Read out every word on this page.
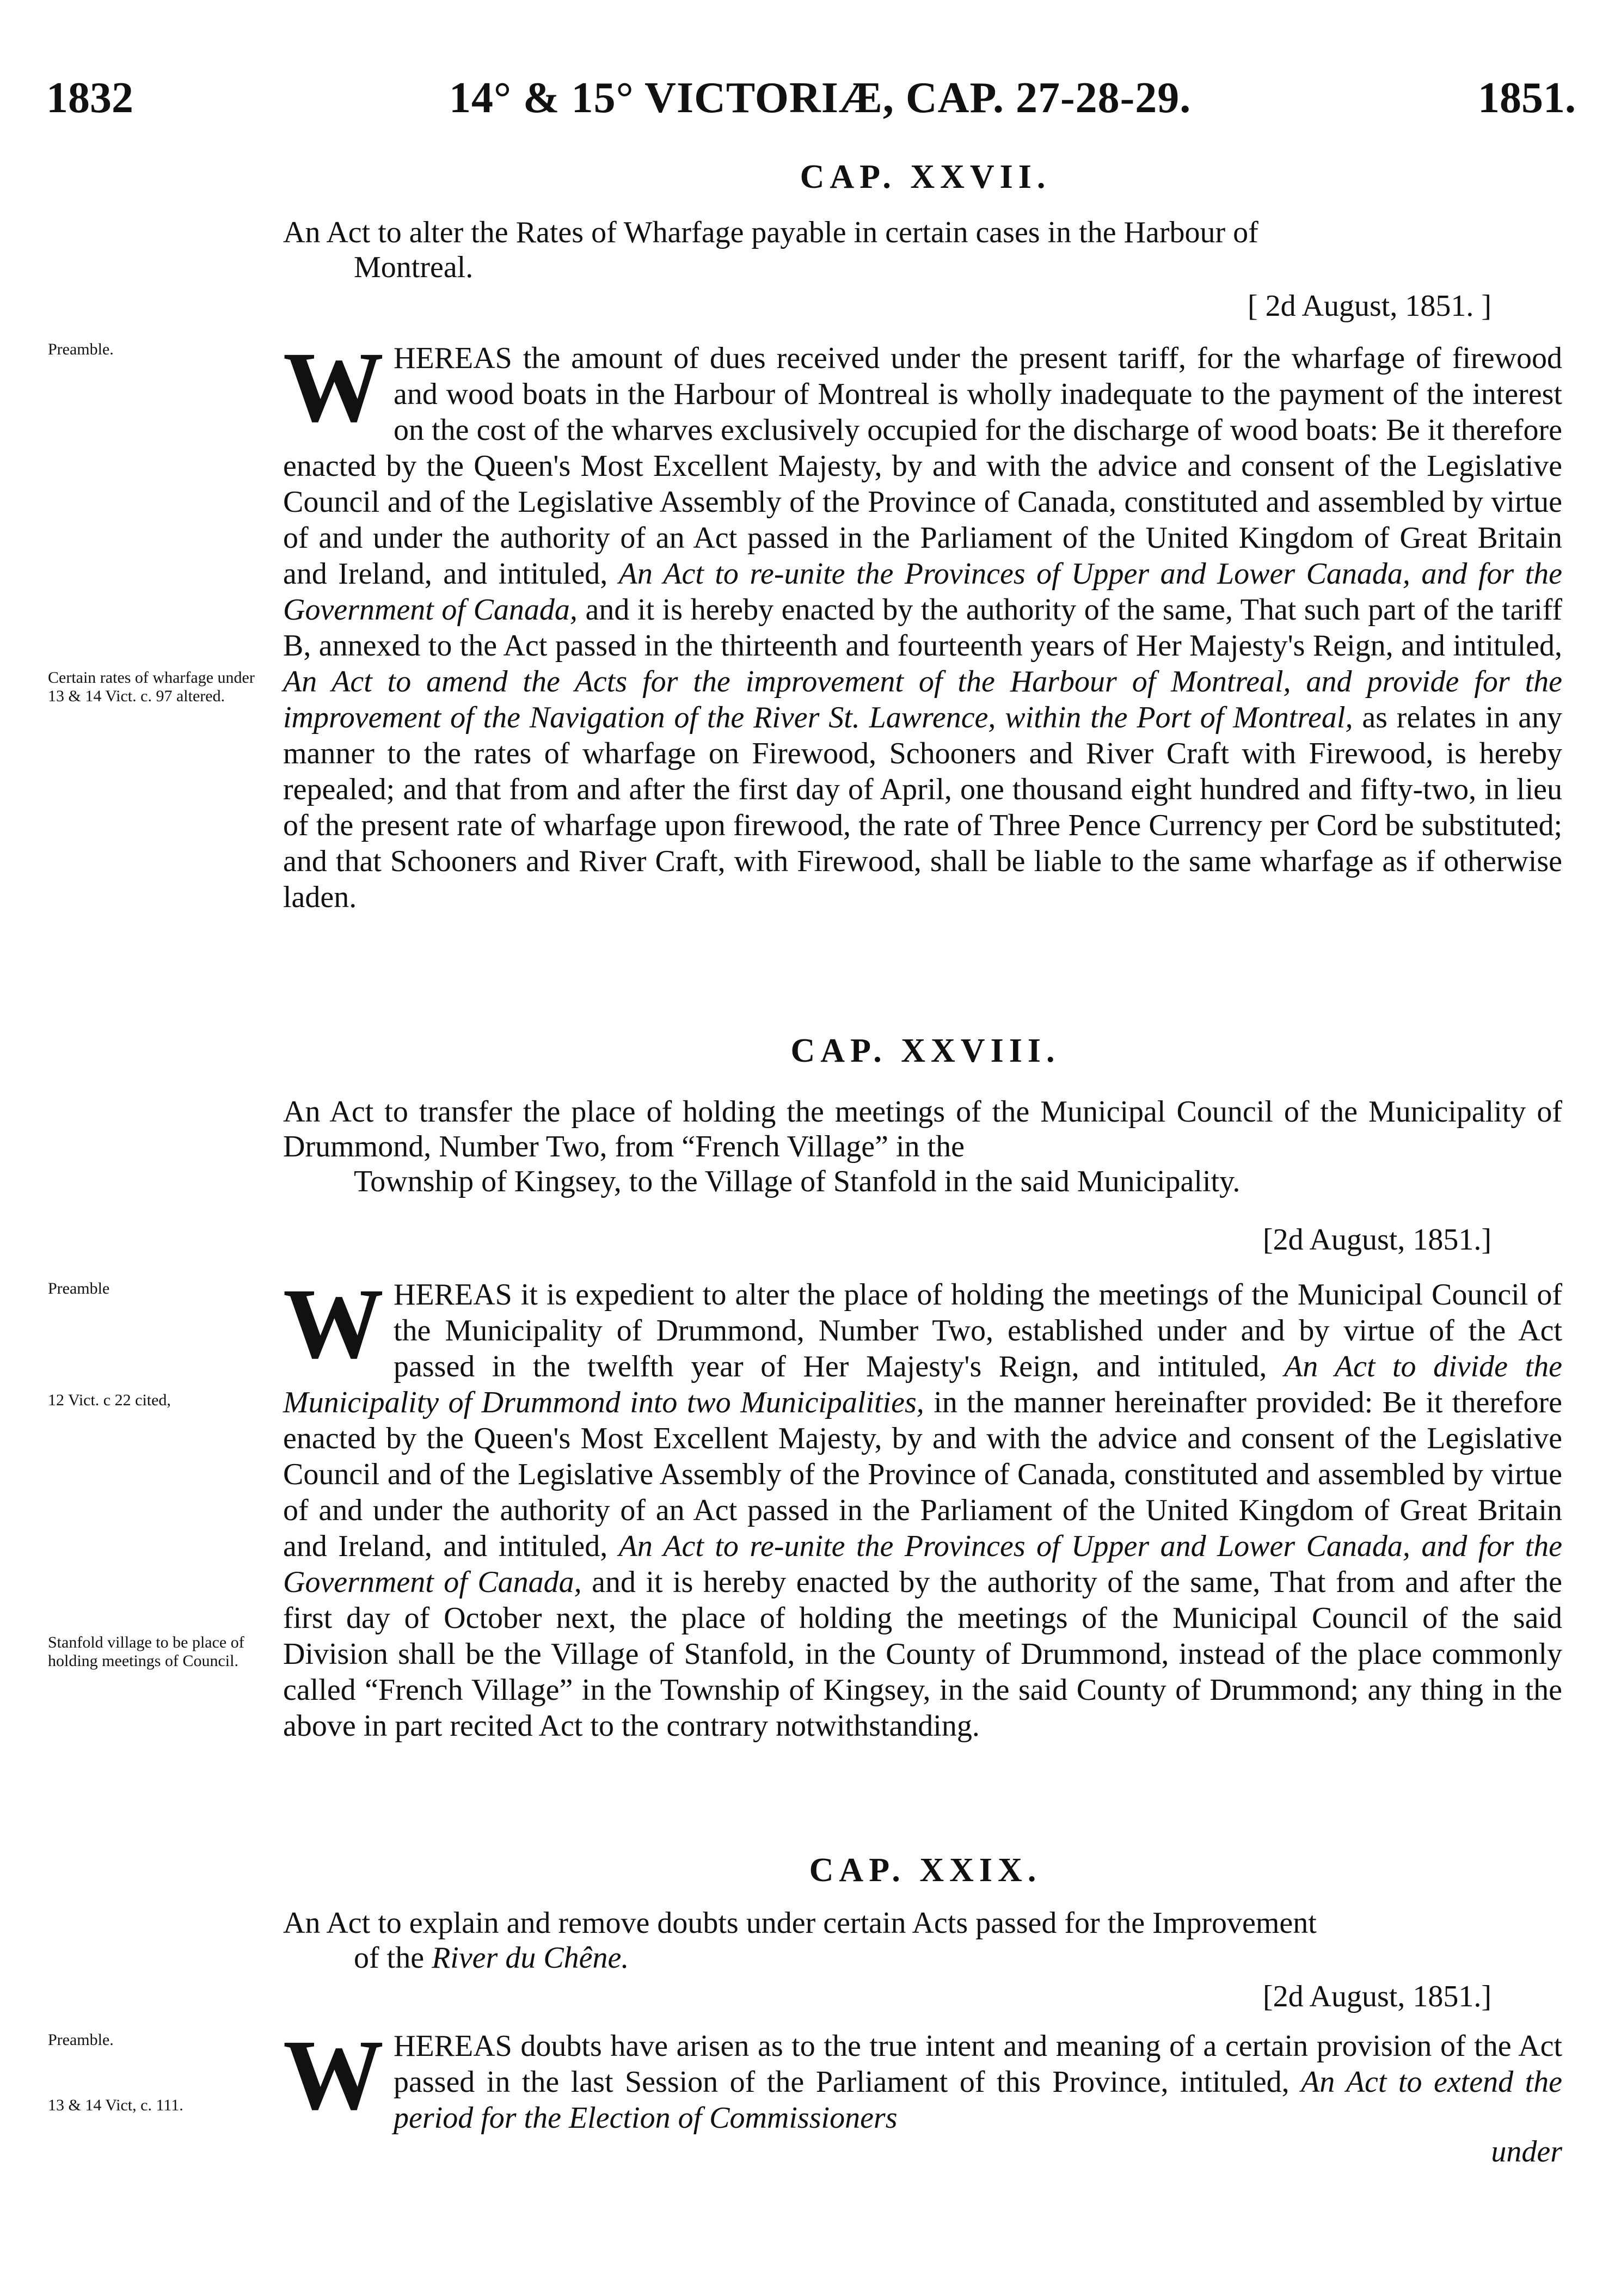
1832	14° & 15° VICTORIÆ, CAP. 27-28-29.	1851.
CAP. XXVII.
An Act to alter the Rates of Wharfage payable in certain cases in the Harbour of
Montreal.
[ 2d August, 1851. ]
Preamble.
Certain rates of wharfage under 13 & 14 Vict. c. 97 altered.
WHEREAS the amount of dues received under the present tariff, for the wharfage of firewood and wood boats in the Harbour of Montreal is wholly inadequate to the payment of the interest on the cost of the wharves exclusively occupied for the discharge of wood boats: Be it therefore enacted by the Queen's Most Excellent Majesty, by and with the advice and consent of the Legislative Council and of the Legislative Assembly of the Province of Canada, constituted and assembled by virtue of and under the authority of an Act passed in the Parliament of the United Kingdom of Great Britain and Ireland, and intituled, An Act to re-unite the Provinces of Upper and Lower Canada, and for the Government of Canada, and it is hereby enacted by the authority of the same, That such part of the tariff B, annexed to the Act passed in the thirteenth and fourteenth years of Her Majesty's Reign, and intituled, An Act to amend the Acts for the improvement of the Harbour of Montreal, and provide for the improvement of the Navigation of the River St. Lawrence, within the Port of Montreal, as relates in any manner to the rates of wharfage on Firewood, Schooners and River Craft with Firewood, is hereby repealed; and that from and after the first day of April, one thousand eight hundred and fifty-two, in lieu of the present rate of wharfage upon firewood, the rate of Three Pence Currency per Cord be substituted; and that Schooners and River Craft, with Firewood, shall be liable to the same wharfage as if otherwise laden.
CAP. XXVIII.
An Act to transfer the place of holding the meetings of the Municipal Council of the Municipality of Drummond, Number Two, from “French Village” in the
Township of Kingsey, to the Village of Stanfold in the said Municipality.
[2d August, 1851.]
Preamble
12 Vict. c 22 cited,
Stanfold village to be place of holding meetings of Council.
WHEREAS it is expedient to alter the place of holding the meetings of the Municipal Council of the Municipality of Drummond, Number Two, established under and by virtue of the Act passed in the twelfth year of Her Majesty's Reign, and intituled, An Act to divide the Municipality of Drummond into two Municipalities, in the manner hereinafter provided: Be it therefore enacted by the Queen's Most Excellent Majesty, by and with the advice and consent of the Legislative Council and of the Legislative Assembly of the Province of Canada, constituted and assembled by virtue of and under the authority of an Act passed in the Parliament of the United Kingdom of Great Britain and Ireland, and intituled, An Act to re-unite the Provinces of Upper and Lower Canada, and for the Government of Canada, and it is hereby enacted by the authority of the same, That from and after the first day of October next, the place of holding the meetings of the Municipal Council of the said Division shall be the Village of Stanfold, in the County of Drummond, instead of the place commonly called “French Village” in the Township of Kingsey, in the said County of Drummond; any thing in the above in part recited Act to the contrary notwithstanding.
CAP. XXIX.
An Act to explain and remove doubts under certain Acts passed for the Improvement
of the River du Chêne.
[2d August, 1851.]
Preamble.
13 & 14 Vict, c. 111. WHEREAS doubts have arisen as to the true intent and meaning of a certain provision of the Act passed in the last Session of the Parliament of this Province, intituled, An Act to extend the period for the Election of Commissioners
under
